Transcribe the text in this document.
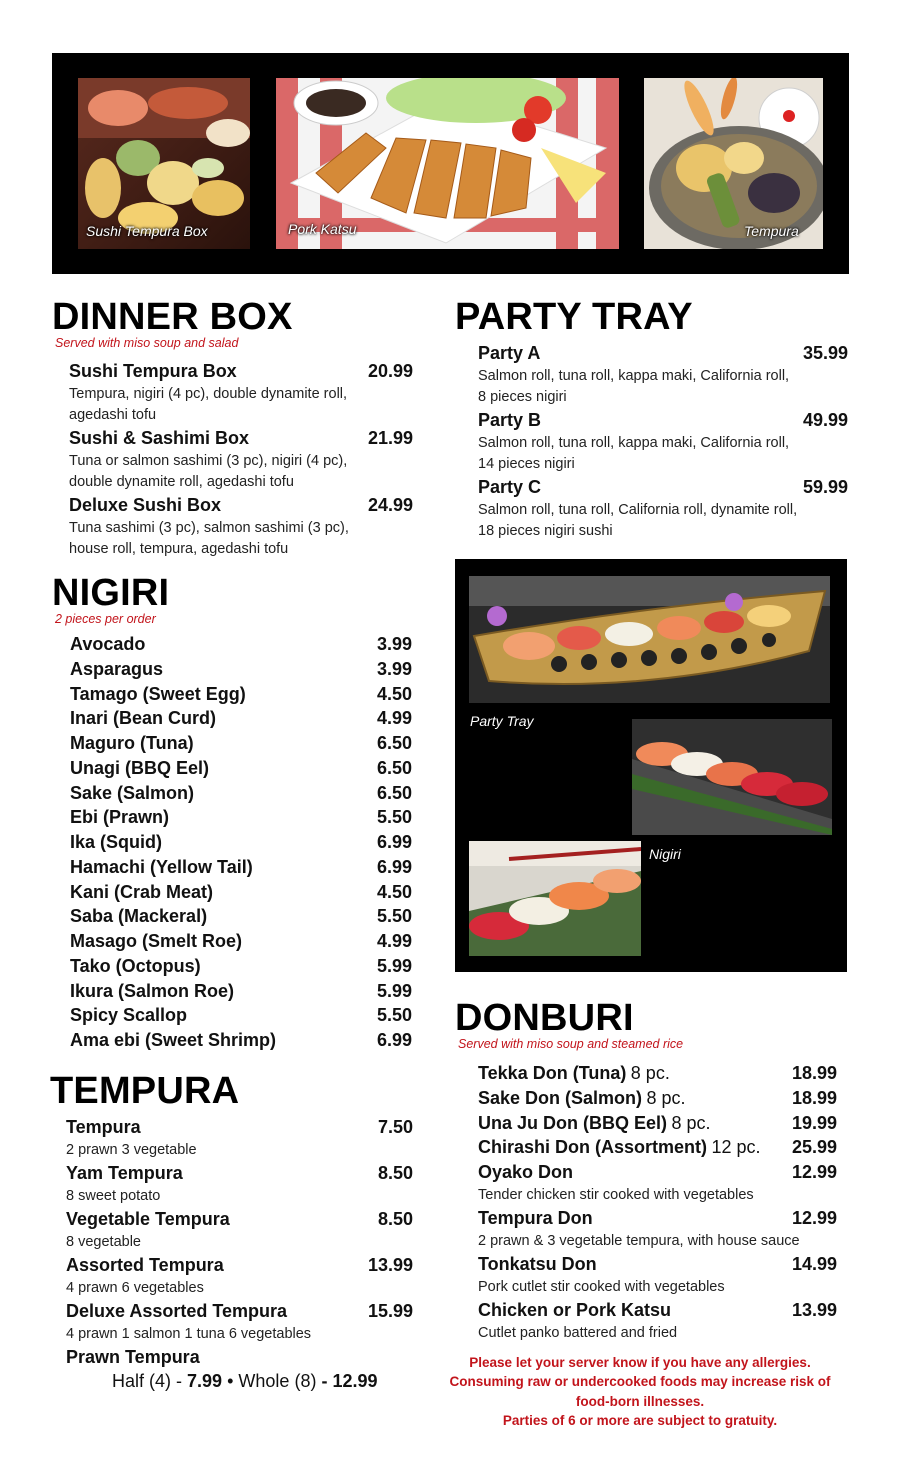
Sushi Tempura Box	Pork Katsu	Tempura
DINNER BOX
Served with miso soup and salad
Sushi Tempura Box	20.99
Tempura, nigiri (4 pc), double dynamite roll,
agedashi tofu
Sushi & Sashimi Box	21.99
Tuna or salmon sashimi (3 pc), nigiri (4 pc),
double dynamite roll, agedashi tofu
Deluxe Sushi Box	24.99
Tuna sashimi (3 pc), salmon sashimi (3 pc),
house roll, tempura, agedashi tofu
PARTY TRAY
Party A	35.99
Salmon roll, tuna roll, kappa maki, California roll,
8 pieces nigiri
Party B	49.99
Salmon roll, tuna roll, kappa maki, California roll,
14 pieces nigiri
Party C	59.99
Salmon roll, tuna roll, California roll, dynamite roll,
18 pieces nigiri sushi
Party Tray
Nigiri
NIGIRI
2 pieces per order
Avocado	3.99
Asparagus	3.99
Tamago (Sweet Egg)	4.50
Inari (Bean Curd)	4.99
Maguro (Tuna)	6.50
Unagi (BBQ Eel)	6.50
Sake (Salmon)	6.50
Ebi (Prawn)	5.50
Ika (Squid)	6.99
Hamachi (Yellow Tail)	6.99
Kani (Crab Meat)	4.50
Saba (Mackeral)	5.50
Masago (Smelt Roe)	4.99
Tako (Octopus)	5.99
Ikura (Salmon Roe)	5.99
Spicy Scallop	5.50
Ama ebi (Sweet Shrimp)	6.99
TEMPURA
Tempura	7.50
2 prawn 3 vegetable
Yam Tempura	8.50
8 sweet potato
Vegetable Tempura	8.50
8 vegetable
Assorted Tempura	13.99
4 prawn 6 vegetables
Deluxe Assorted Tempura	15.99
4 prawn 1 salmon 1 tuna 6 vegetables
Prawn Tempura
Half (4) - 7.99 • Whole (8) - 12.99
DONBURI
Served with miso soup and steamed rice
Tekka Don (Tuna) 8 pc.	18.99
Sake Don (Salmon) 8 pc.	18.99
Una Ju Don (BBQ Eel) 8 pc.	19.99
Chirashi Don (Assortment) 12 pc.	25.99
Oyako Don	12.99
Tender chicken stir cooked with vegetables
Tempura Don	12.99
2 prawn & 3 vegetable tempura, with house sauce
Tonkatsu Don	14.99
Pork cutlet stir cooked with vegetables
Chicken or Pork Katsu	13.99
Cutlet panko battered and fried
Please let your server know if you have any allergies.
Consuming raw or undercooked foods may increase risk of
food-born illnesses.
Parties of 6 or more are subject to gratuity.
